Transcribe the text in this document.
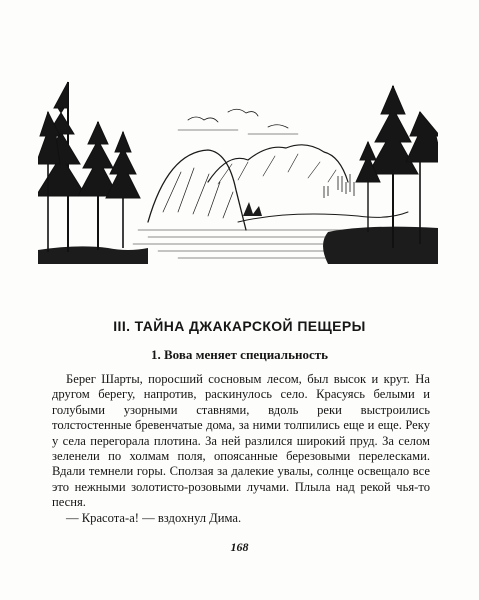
III. ТАЙНА ДЖАКАРСКОЙ ПЕЩЕРЫ
1. Вова меняет специальность

Берег Шарты, поросший сосновым лесом, был высок и крут. На другом берегу, напротив, раскинулось село. Красуясь белыми и голубыми узорными ставнями, вдоль реки выстроились толстостенные бревенчатые дома, за ними толпились еще и еще. Реку у села перегорала плотина. За ней разлился широкий пруд. За селом зеленели по холмам поля, опоясанные березовыми перелесками. Вдали темнели горы. Сползая за далекие увалы, солнце освещало все это нежными золотисто-розовыми лучами. Плыла над рекой чья-то песня.

— Красота-а! — вздохнул Дима.

168
